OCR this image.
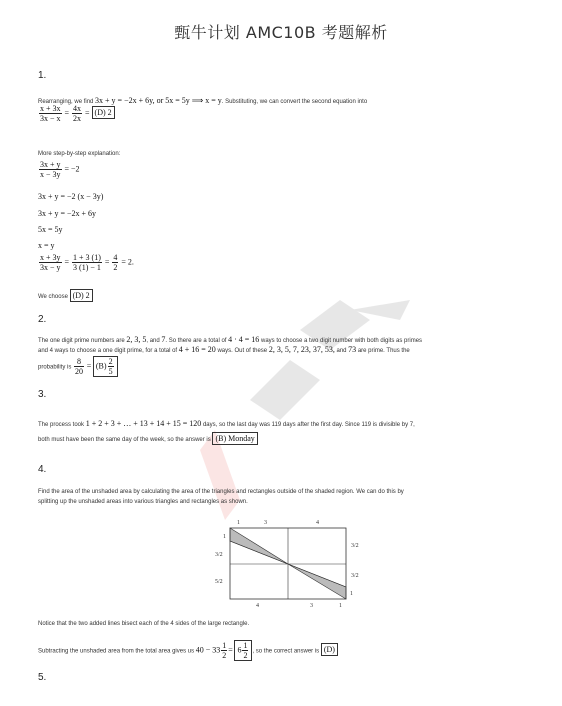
甄牛计划 AMC10B 考题解析
1.
Rearranging, we find 3x + y = −2x + 6y, or 5x = 5y ⟹ x = y. Substituting, we can convert the second equation into
$\frac{x + 3x}{3x - x} = \frac{4x}{2x} = (D)$ 2
More step-by-step explanation:
$\frac{3x + y}{x - 3y} = -2$
3x + y = −2 (x − 3y)
3x + y = −2x + 6y
5x = 5y
x = y
$\frac{x + 3y}{3x - y} = \frac{1 + 3 (1)}{3 (1) - 1} = \frac{4}{2} = 2$.
We choose (D) 2
2.
The one digit prime numbers are 2, 3, 5, and 7. So there are a total of 4 · 4 = 16 ways to choose a two digit number with both digits as primes
and 4 ways to choose a one digit prime, for a total of 4 + 16 = 20 ways. Out of these 2, 3, 5, 7, 23, 37, 53, and 73 are prime. Thus the
probability is $\frac{8}{20} = (B) \frac{2}{5}$
3.
The process took 1 + 2 + 3 + … + 13 + 14 + 15 = 120 days, so the last day was 119 days after the first day. Since 119 is divisible by 7,
both must have been the same day of the week, so the answer is (B) Monday
4.
Find the area of the unshaded area by calculating the area of the triangles and rectangles outside of the shaded region. We can do this by
splitting up the unshaded areas into various triangles and rectangles as shown.
1	3	4
1
3/2
5/2
3/2
3/2
1
4	3	1
Notice that the two added lines bisect each of the 4 sides of the large rectangle.
Subtracting the unshaded area from the total area gives us $40 - 33 \frac{1}{2} = 6 \frac{1}{2}$ , so the correct answer is (D)
5.
